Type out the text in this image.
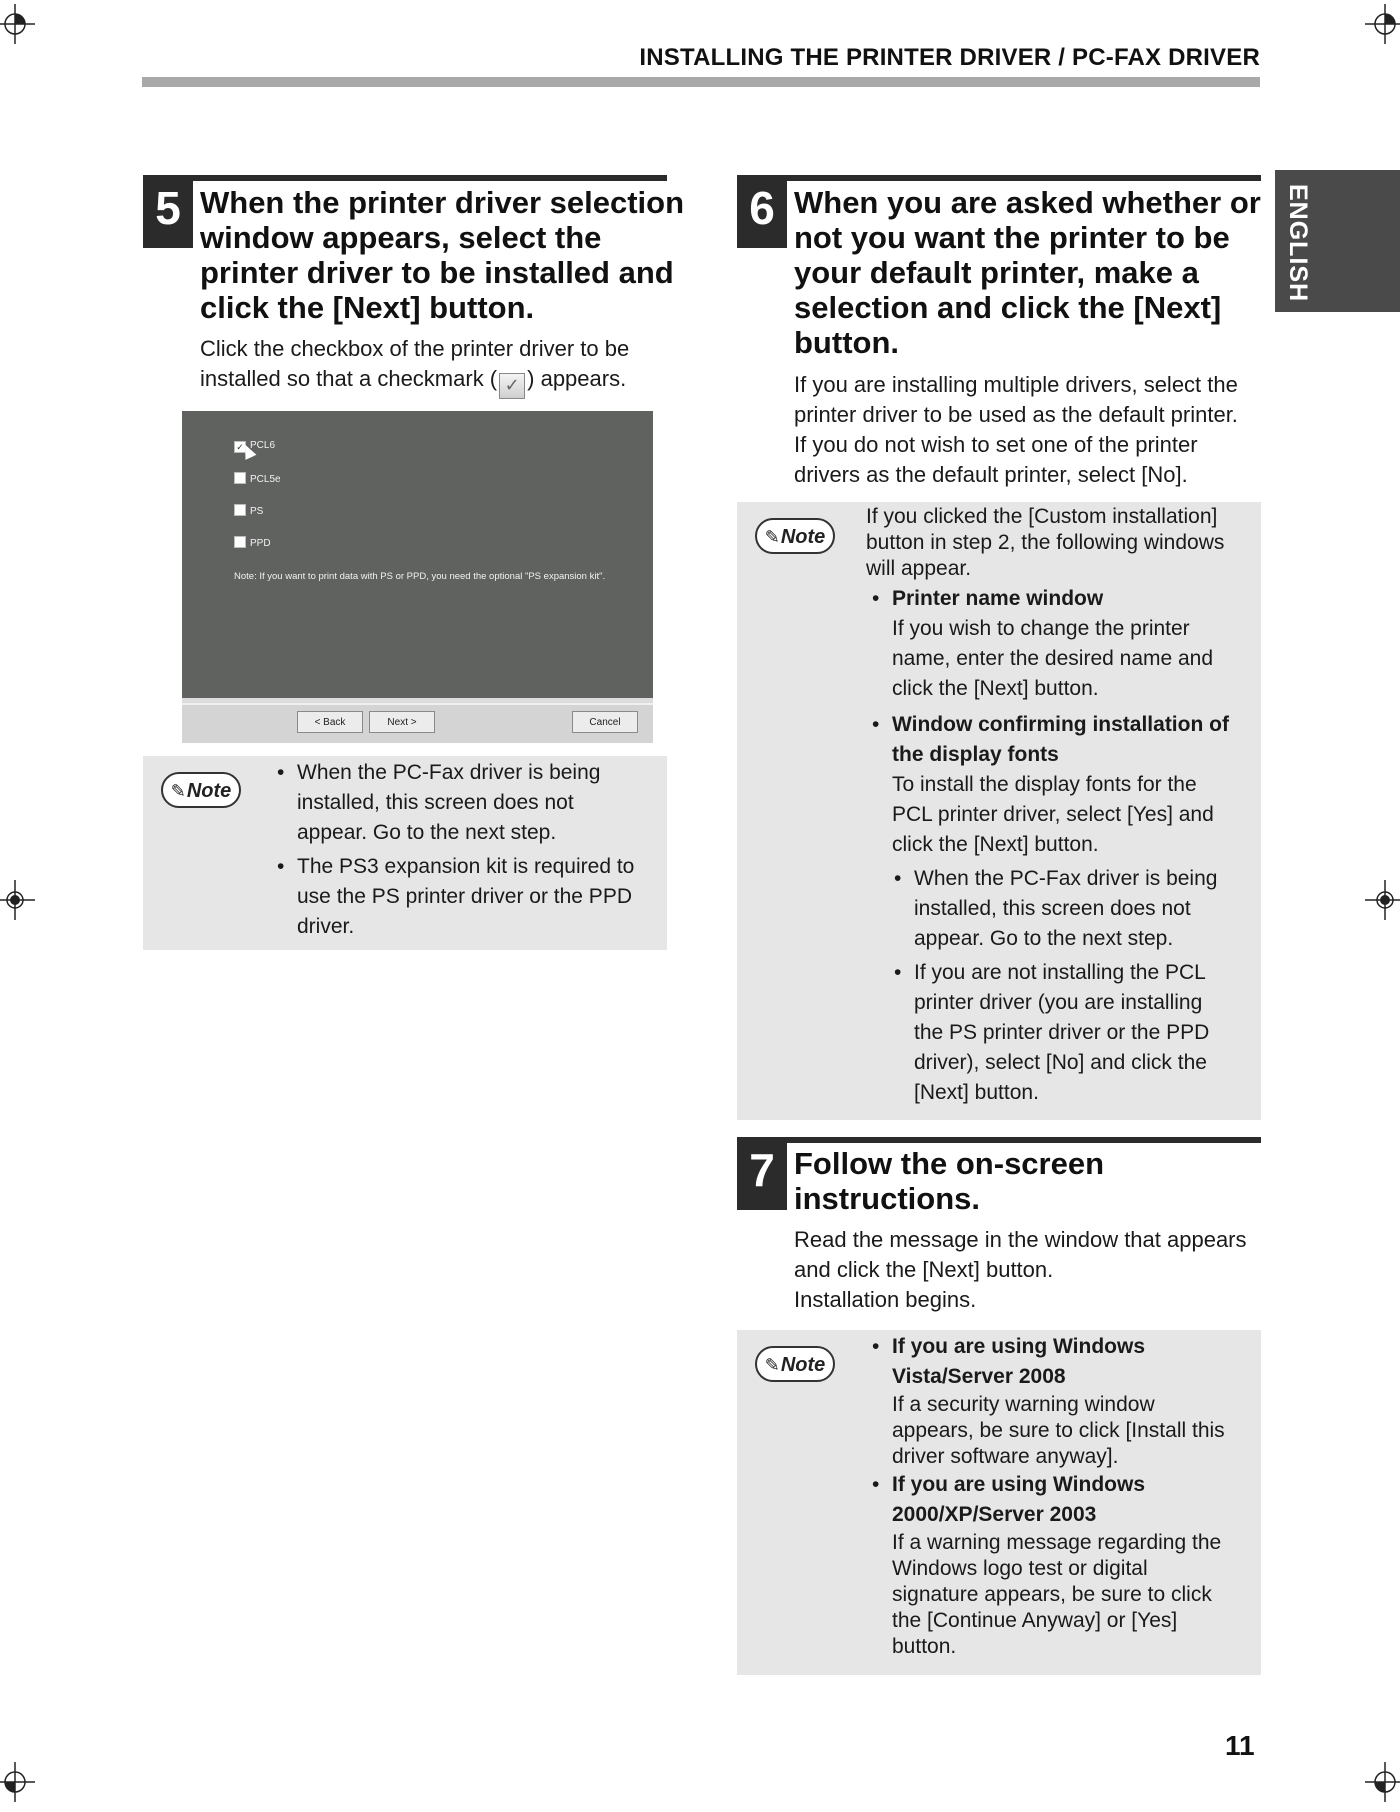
INSTALLING THE PRINTER DRIVER / PC-FAX DRIVER
ENGLISH
5 When the printer driver selection
window appears, select the
printer driver to be installed and
click the [Next] button.
Click the checkbox of the printer driver to be
installed so that a checkmark ( ✓ ) appears.
✓ PCL6
PCL5e
PS
PPD
Note: If you want to print data with PS or PPD, you need the optional "PS expansion kit".
< Back	Next >	Cancel
✎Note
• When the PC-Fax driver is being
installed, this screen does not
appear. Go to the next step.
• The PS3 expansion kit is required to
use the PS printer driver or the PPD
driver.
6 When you are asked whether or
not you want the printer to be
your default printer, make a
selection and click the [Next]
button.
If you are installing multiple drivers, select the
printer driver to be used as the default printer.
If you do not wish to set one of the printer
drivers as the default printer, select [No].
✎Note
If you clicked the [Custom installation]
button in step 2, the following windows
will appear.
• Printer name window
If you wish to change the printer
name, enter the desired name and
click the [Next] button.
• Window confirming installation of
the display fonts
To install the display fonts for the
PCL printer driver, select [Yes] and
click the [Next] button.
• When the PC-Fax driver is being
installed, this screen does not
appear. Go to the next step.
• If you are not installing the PCL
printer driver (you are installing
the PS printer driver or the PPD
driver), select [No] and click the
[Next] button.
7 Follow the on-screen
instructions.
Read the message in the window that appears
and click the [Next] button.
Installation begins.
✎Note
• If you are using Windows
Vista/Server 2008
If a security warning window
appears, be sure to click [Install this
driver software anyway].
• If you are using Windows
2000/XP/Server 2003
If a warning message regarding the
Windows logo test or digital
signature appears, be sure to click
the [Continue Anyway] or [Yes]
button.
11
